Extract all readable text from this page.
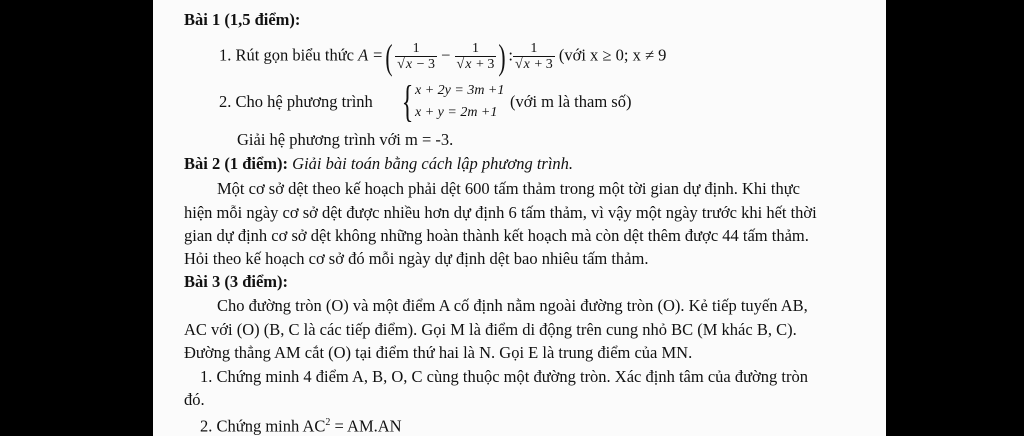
Bài 1 (1,5 điểm):
1. Rút gọn biểu thức A =( $\frac{1}{√x - 3} - \frac{1}{√x + 3}$ ) : $\frac{1}{√x + 3}$ (với x ≥ 0; x ≠ 9
2. Cho hệ phương trình { x + 2y = 3m +1
x + y = 2m +1
(với m là tham số)
Giải hệ phương trình với m = -3.
Bài 2 (1 điểm): Giải bài toán bằng cách lập phương trình.
Một cơ sở dệt theo kế hoạch phải dệt 600 tấm thảm trong một tời gian dự định. Khi thực
hiện mỗi ngày cơ sở dệt được nhiều hơn dự định 6 tấm thảm, vì vậy một ngày trước khi hết thời
gian dự định cơ sở dệt không những hoàn thành kết hoạch mà còn dệt thêm được 44 tấm thảm.
Hỏi theo kế hoạch cơ sở đó mỗi ngày dự định dệt bao nhiêu tấm thảm.
Bài 3 (3 điểm):
Cho đường tròn (O) và một điểm A cố định nằm ngoài đường tròn (O). Kẻ tiếp tuyến AB,
AC với (O) (B, C là các tiếp điểm). Gọi M là điểm di động trên cung nhỏ BC (M khác B, C).
Đường thẳng AM cắt (O) tại điểm thứ hai là N. Gọi E là trung điểm của MN.
1. Chứng minh 4 điểm A, B, O, C cùng thuộc một đường tròn. Xác định tâm của đường tròn
đó.
2. Chứng minh $AC^2 = AM.AN$
